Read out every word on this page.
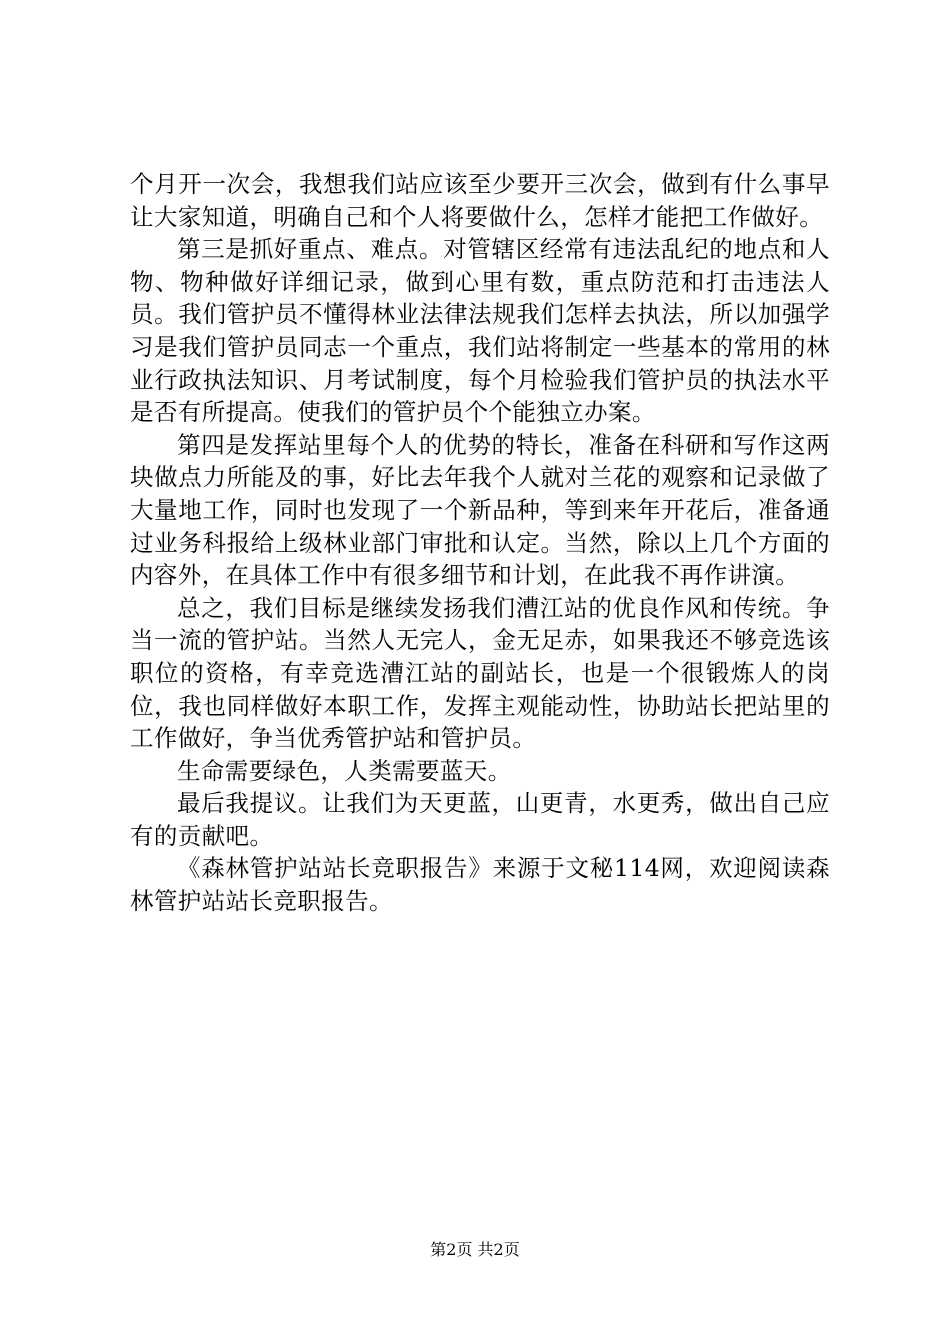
个月开一次会，我想我们站应该至少要开三次会，做到有什么事早让大家知道，明确自己和个人将要做什么，怎样才能把工作做好。

第三是抓好重点、难点。对管辖区经常有违法乱纪的地点和人物、物种做好详细记录，做到心里有数，重点防范和打击违法人员。我们管护员不懂得林业法律法规我们怎样去执法，所以加强学习是我们管护员同志一个重点，我们站将制定一些基本的常用的林业行政执法知识、月考试制度，每个月检验我们管护员的执法水平是否有所提高。使我们的管护员个个能独立办案。

第四是发挥站里每个人的优势的特长，准备在科研和写作这两块做点力所能及的事，好比去年我个人就对兰花的观察和记录做了大量地工作，同时也发现了一个新品种，等到来年开花后，准备通过业务科报给上级林业部门审批和认定。当然，除以上几个方面的内容外，在具体工作中有很多细节和计划，在此我不再作讲演。

总之，我们目标是继续发扬我们漕江站的优良作风和传统。争当一流的管护站。当然人无完人，金无足赤，如果我还不够竞选该职位的资格，有幸竞选漕江站的副站长，也是一个很锻炼人的岗位，我也同样做好本职工作，发挥主观能动性，协助站长把站里的工作做好，争当优秀管护站和管护员。

生命需要绿色，人类需要蓝天。

最后我提议。让我们为天更蓝，山更青，水更秀，做出自己应有的贡献吧。

《森林管护站站长竞职报告》来源于文秘114网，欢迎阅读森林管护站站长竞职报告。

第2页 共2页
